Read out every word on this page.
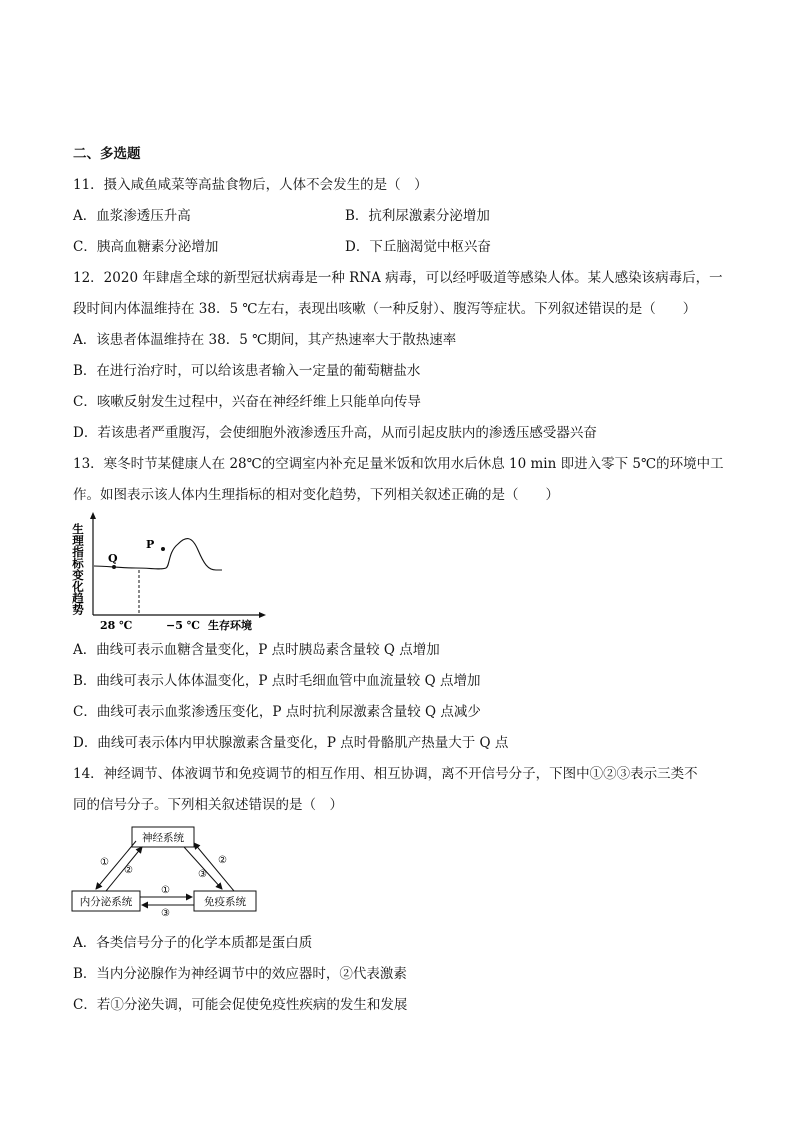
二、多选题
11．摄入咸鱼咸菜等高盐食物后，人体不会发生的是（　）
A．血浆渗透压升高	B．抗利尿激素分泌增加
C．胰高血糖素分泌增加	D．下丘脑渴觉中枢兴奋
12．2020 年肆虐全球的新型冠状病毒是一种 RNA 病毒，可以经呼吸道等感染人体。某人感染该病毒后，一
段时间内体温维持在 38．5 ℃左右，表现出咳嗽（一种反射）、腹泻等症状。下列叙述错误的是（　　）
A．该患者体温维持在 38．5 ℃期间，其产热速率大于散热速率
B．在进行治疗时，可以给该患者输入一定量的葡萄糖盐水
C．咳嗽反射发生过程中，兴奋在神经纤维上只能单向传导
D．若该患者严重腹泻，会使细胞外液渗透压升高，从而引起皮肤内的渗透压感受器兴奋
13．寒冬时节某健康人在 28℃的空调室内补充足量米饭和饮用水后休息 10 min 即进入零下 5℃的环境中工
作。如图表示该人体内生理指标的相对变化趋势，下列相关叙述正确的是（　　）
生理指标变化趋势 Q
P
28 ℃	−5 ℃ 生存环境
A．曲线可表示血糖含量变化，P 点时胰岛素含量较 Q 点增加
B．曲线可表示人体体温变化，P 点时毛细血管中血流量较 Q 点增加
C．曲线可表示血浆渗透压变化，P 点时抗利尿激素含量较 Q 点减少
D．曲线可表示体内甲状腺激素含量变化，P 点时骨骼肌产热量大于 Q 点
14．神经调节、体液调节和免疫调节的相互作用、相互协调，离不开信号分子，下图中①②③表示三类不
同的信号分子。下列相关叙述错误的是（　）
神经系统
内分泌系统	免疫系统
①
②
②
③
①
③
A．各类信号分子的化学本质都是蛋白质
B．当内分泌腺作为神经调节中的效应器时，②代表激素
C．若①分泌失调，可能会促使免疫性疾病的发生和发展
